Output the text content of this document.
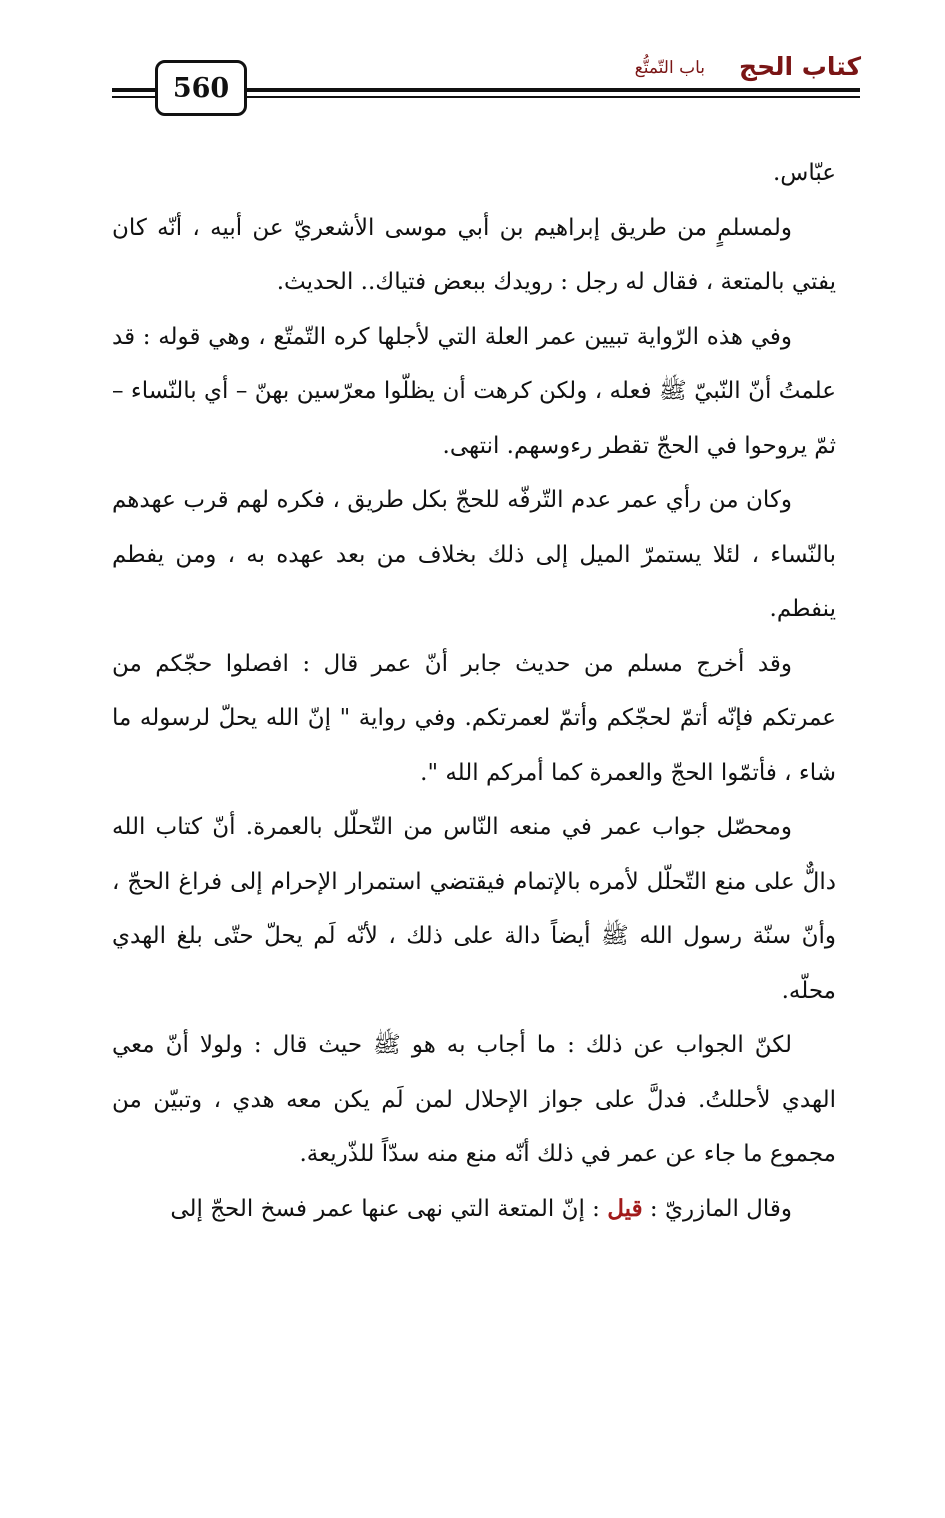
560
كتاب الحج
باب التّمتُّع

عبّاس.

ولمسلمٍ من طريق إبراهيم بن أبي موسى الأشعريّ عن أبيه ، أنّه كان يفتي بالمتعة ، فقال له رجل : رويدك ببعض فتياك.. الحديث.

وفي هذه الرّواية تبيين عمر العلة التي لأجلها كره التّمتّع ، وهي قوله : قد علمتُ أنّ النّبيّ ﷺ فعله ، ولكن كرهت أن يظلّوا معرّسين بهنّ – أي بالنّساء – ثمّ يروحوا في الحجّ تقطر رءوسهم. انتهى.

وكان من رأي عمر عدم التّرفّه للحجّ بكل طريق ، فكره لهم قرب عهدهم بالنّساء ، لئلا يستمرّ الميل إلى ذلك بخلاف من بعد عهده به ، ومن يفطم ينفطم.

وقد أخرج مسلم من حديث جابر أنّ عمر قال : افصلوا حجّكم من عمرتكم فإنّه أتمّ لحجّكم وأتمّ لعمرتكم. وفي رواية " إنّ الله يحلّ لرسوله ما شاء ، فأتمّوا الحجّ والعمرة كما أمركم الله ".

ومحصّل جواب عمر في منعه النّاس من التّحلّل بالعمرة. أنّ كتاب الله دالٌّ على منع التّحلّل لأمره بالإتمام فيقتضي استمرار الإحرام إلى فراغ الحجّ ، وأنّ سنّة رسول الله ﷺ أيضاً دالة على ذلك ، لأنّه لَم يحلّ حتّى بلغ الهدي محلّه.

لكنّ الجواب عن ذلك : ما أجاب به هو ﷺ حيث قال : ولولا أنّ معي الهدي لأحللتُ. فدلَّ على جواز الإحلال لمن لَم يكن معه هدي ، وتبيّن من مجموع ما جاء عن عمر في ذلك أنّه منع منه سدّاً للذّريعة.

وقال المازريّ : قيل : إنّ المتعة التي نهى عنها عمر فسخ الحجّ إلى
